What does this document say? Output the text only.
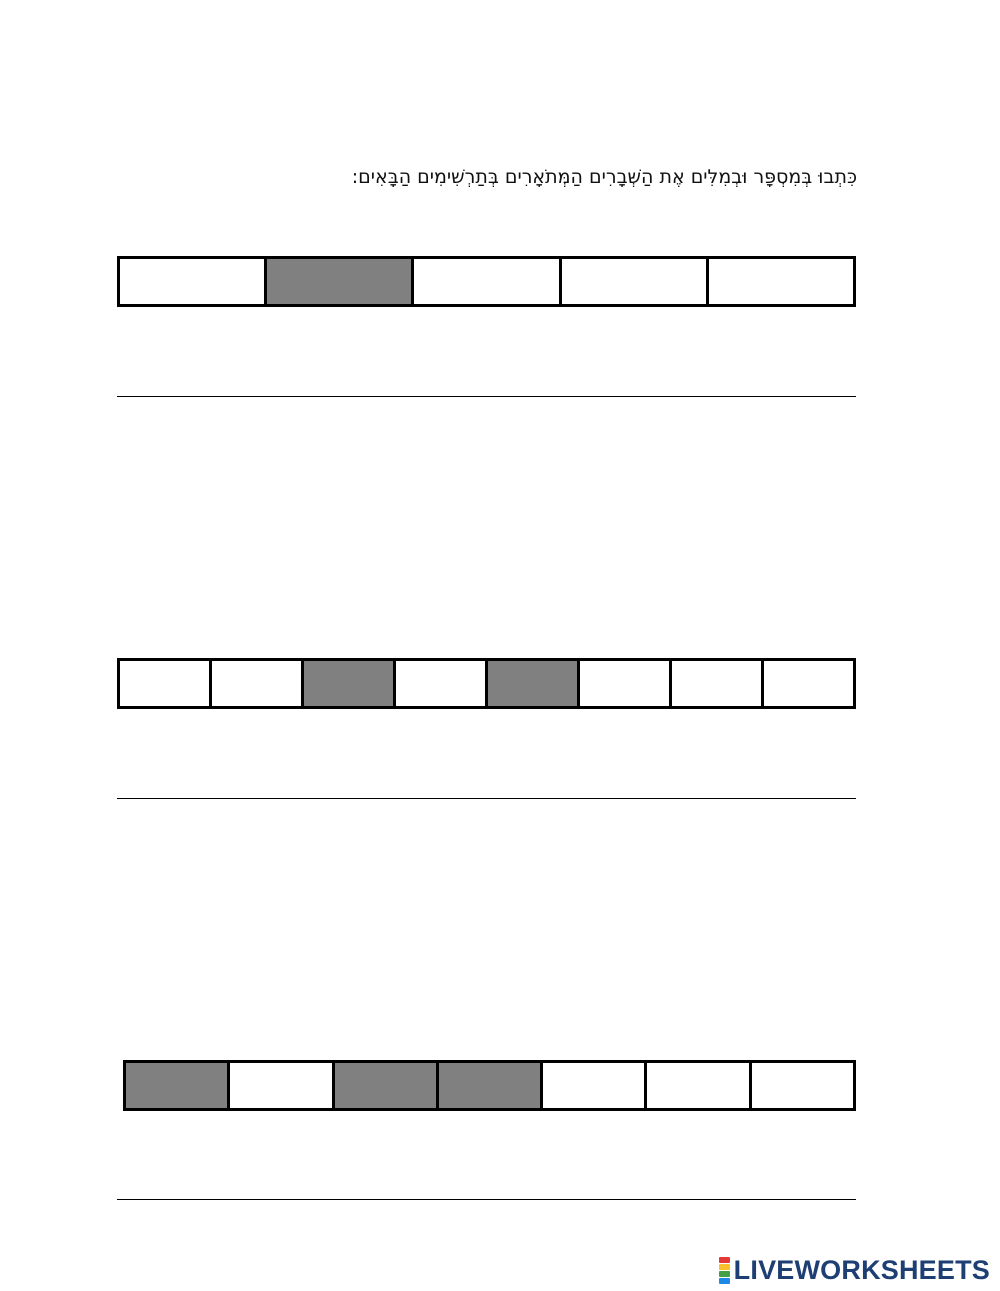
כִּתְבוּ בְּמִסְפָּר וּבְמִלִּים אֶת הַשְּׁבָרִים הַמְּתֹאָרִים בְּתַרְשִׁימִים הַבָּאִים:
LIVEWORKSHEETS
